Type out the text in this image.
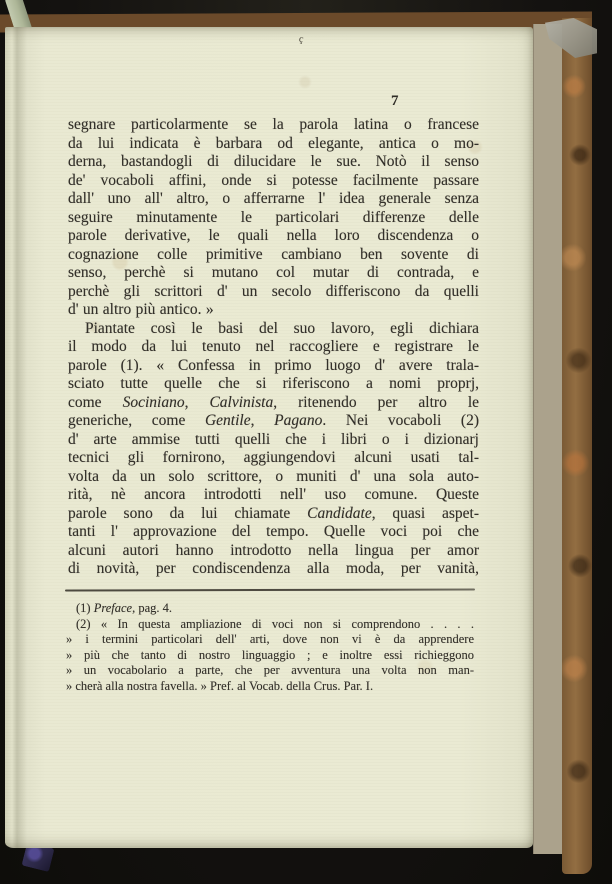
ç
7
segnare particolarmente se la parola latina o francese
da lui indicata è barbara od elegante, antica o mo-
derna, bastandogli di dilucidare le sue. Notò il senso
de' vocaboli affini, onde si potesse facilmente passare
dall' uno all' altro, o afferrarne l' idea generale senza
seguire minutamente le particolari differenze delle
parole derivative, le quali nella loro discendenza o
cognazione colle primitive cambiano ben sovente di
senso, perchè si mutano col mutar di contrada, e
perchè gli scrittori d' un secolo differiscono da quelli
d' un altro più antico. »
Piantate così le basi del suo lavoro, egli dichiara
il modo da lui tenuto nel raccogliere e registrare le
parole (1). « Confessa in primo luogo d' avere trala-
sciato tutte quelle che si riferiscono a nomi proprj,
come Sociniano, Calvinista, ritenendo per altro le
generiche, come Gentile, Pagano. Nei vocaboli (2)
d' arte ammise tutti quelli che i libri o i dizionarj
tecnici gli fornirono, aggiungendovi alcuni usati tal-
volta da un solo scrittore, o muniti d' una sola auto-
rità, nè ancora introdotti nell' uso comune. Queste
parole sono da lui chiamate Candidate, quasi aspet-
tanti l' approvazione del tempo. Quelle voci poi che
alcuni autori hanno introdotto nella lingua per amor
di novità, per condiscendenza alla moda, per vanità,
(1) Preface, pag. 4.
(2) « In questa ampliazione di voci non si comprendono . . . .
» i termini particolari dell' arti, dove non vi è da apprendere
» più che tanto di nostro linguaggio ; e inoltre essi richieggono
» un vocabolario a parte, che per avventura una volta non man-
» cherà alla nostra favella. » Pref. al Vocab. della Crus. Par. I.
